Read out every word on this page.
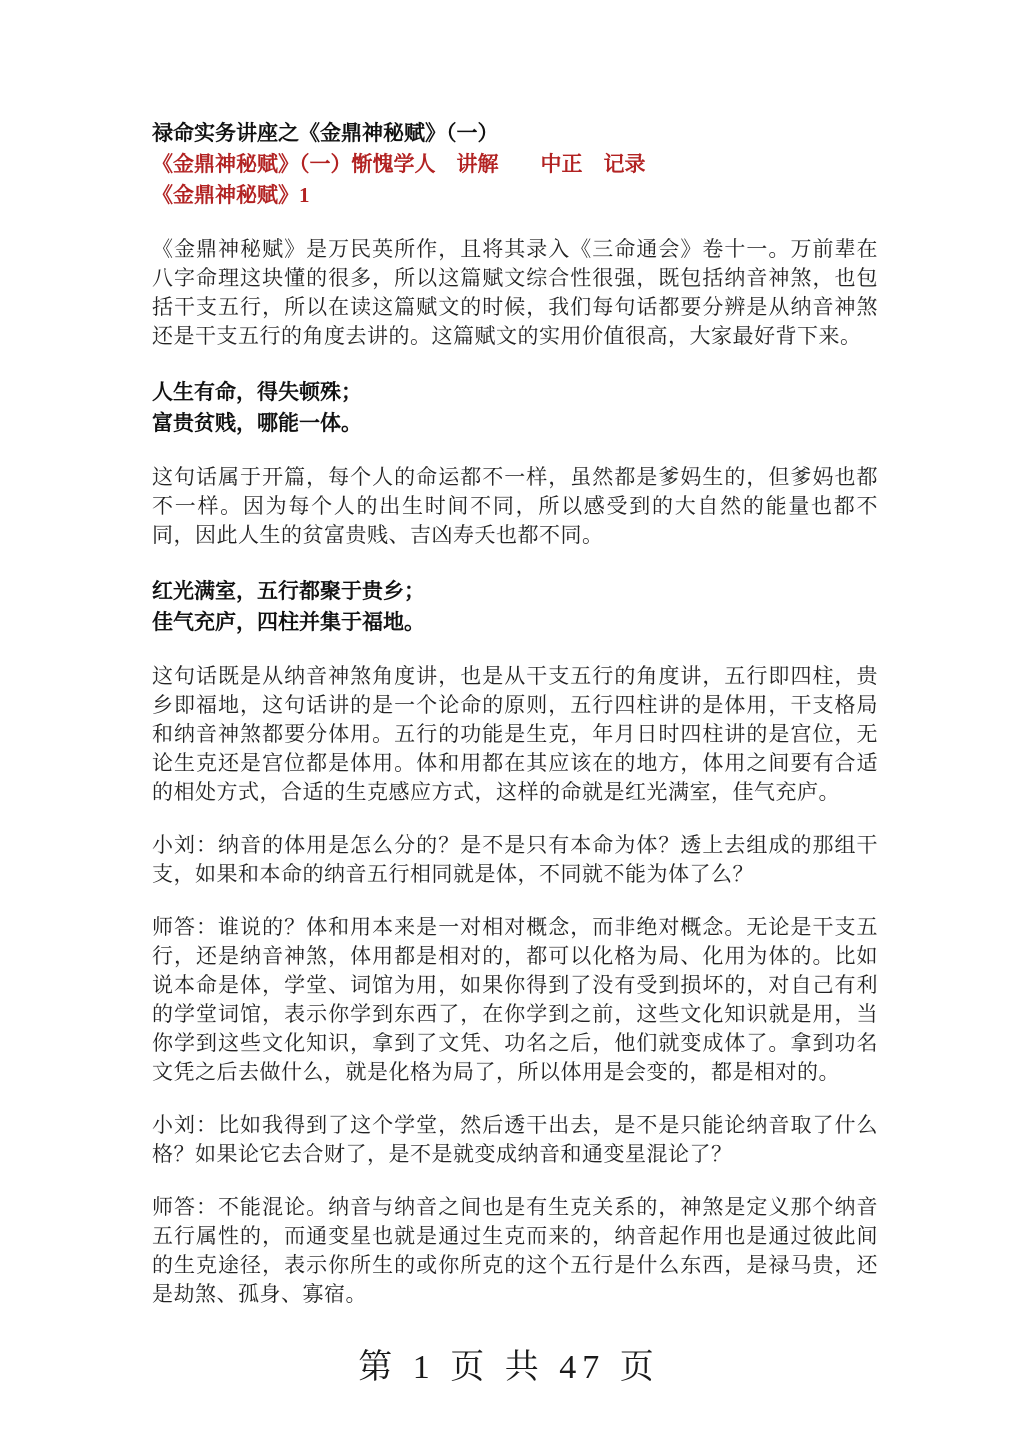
禄命实务讲座之《金鼎神秘赋》（一）

《金鼎神秘赋》（一）惭愧学人　讲解　　中正　记录

《金鼎神秘赋》1

《金鼎神秘赋》是万民英所作，且将其录入《三命通会》卷十一。万前辈在八字命理这块懂的很多，所以这篇赋文综合性很强，既包括纳音神煞，也包括干支五行，所以在读这篇赋文的时候，我们每句话都要分辨是从纳音神煞还是干支五行的角度去讲的。这篇赋文的实用价值很高，大家最好背下来。

人生有命，得失顿殊；

富贵贫贱，哪能一体。

这句话属于开篇，每个人的命运都不一样，虽然都是爹妈生的，但爹妈也都不一样。因为每个人的出生时间不同，所以感受到的大自然的能量也都不同，因此人生的贫富贵贱、吉凶寿夭也都不同。

红光满室，五行都聚于贵乡；

佳气充庐，四柱并集于福地。

这句话既是从纳音神煞角度讲，也是从干支五行的角度讲，五行即四柱，贵乡即福地，这句话讲的是一个论命的原则，五行四柱讲的是体用，干支格局和纳音神煞都要分体用。五行的功能是生克，年月日时四柱讲的是宫位，无论生克还是宫位都是体用。体和用都在其应该在的地方，体用之间要有合适的相处方式，合适的生克感应方式，这样的命就是红光满室，佳气充庐。

小刘：纳音的体用是怎么分的？是不是只有本命为体？透上去组成的那组干支，如果和本命的纳音五行相同就是体，不同就不能为体了么？

师答：谁说的？体和用本来是一对相对概念，而非绝对概念。无论是干支五行，还是纳音神煞，体用都是相对的，都可以化格为局、化用为体的。比如说本命是体，学堂、词馆为用，如果你得到了没有受到损坏的，对自己有利的学堂词馆，表示你学到东西了，在你学到之前，这些文化知识就是用，当你学到这些文化知识，拿到了文凭、功名之后，他们就变成体了。拿到功名文凭之后去做什么，就是化格为局了，所以体用是会变的，都是相对的。

小刘：比如我得到了这个学堂，然后透干出去，是不是只能论纳音取了什么格？如果论它去合财了，是不是就变成纳音和通变星混论了？

师答：不能混论。纳音与纳音之间也是有生克关系的，神煞是定义那个纳音五行属性的，而通变星也就是通过生克而来的，纳音起作用也是通过彼此间的生克途径，表示你所生的或你所克的这个五行是什么东西，是禄马贵，还是劫煞、孤身、寡宿。

第 1 页 共 47 页
